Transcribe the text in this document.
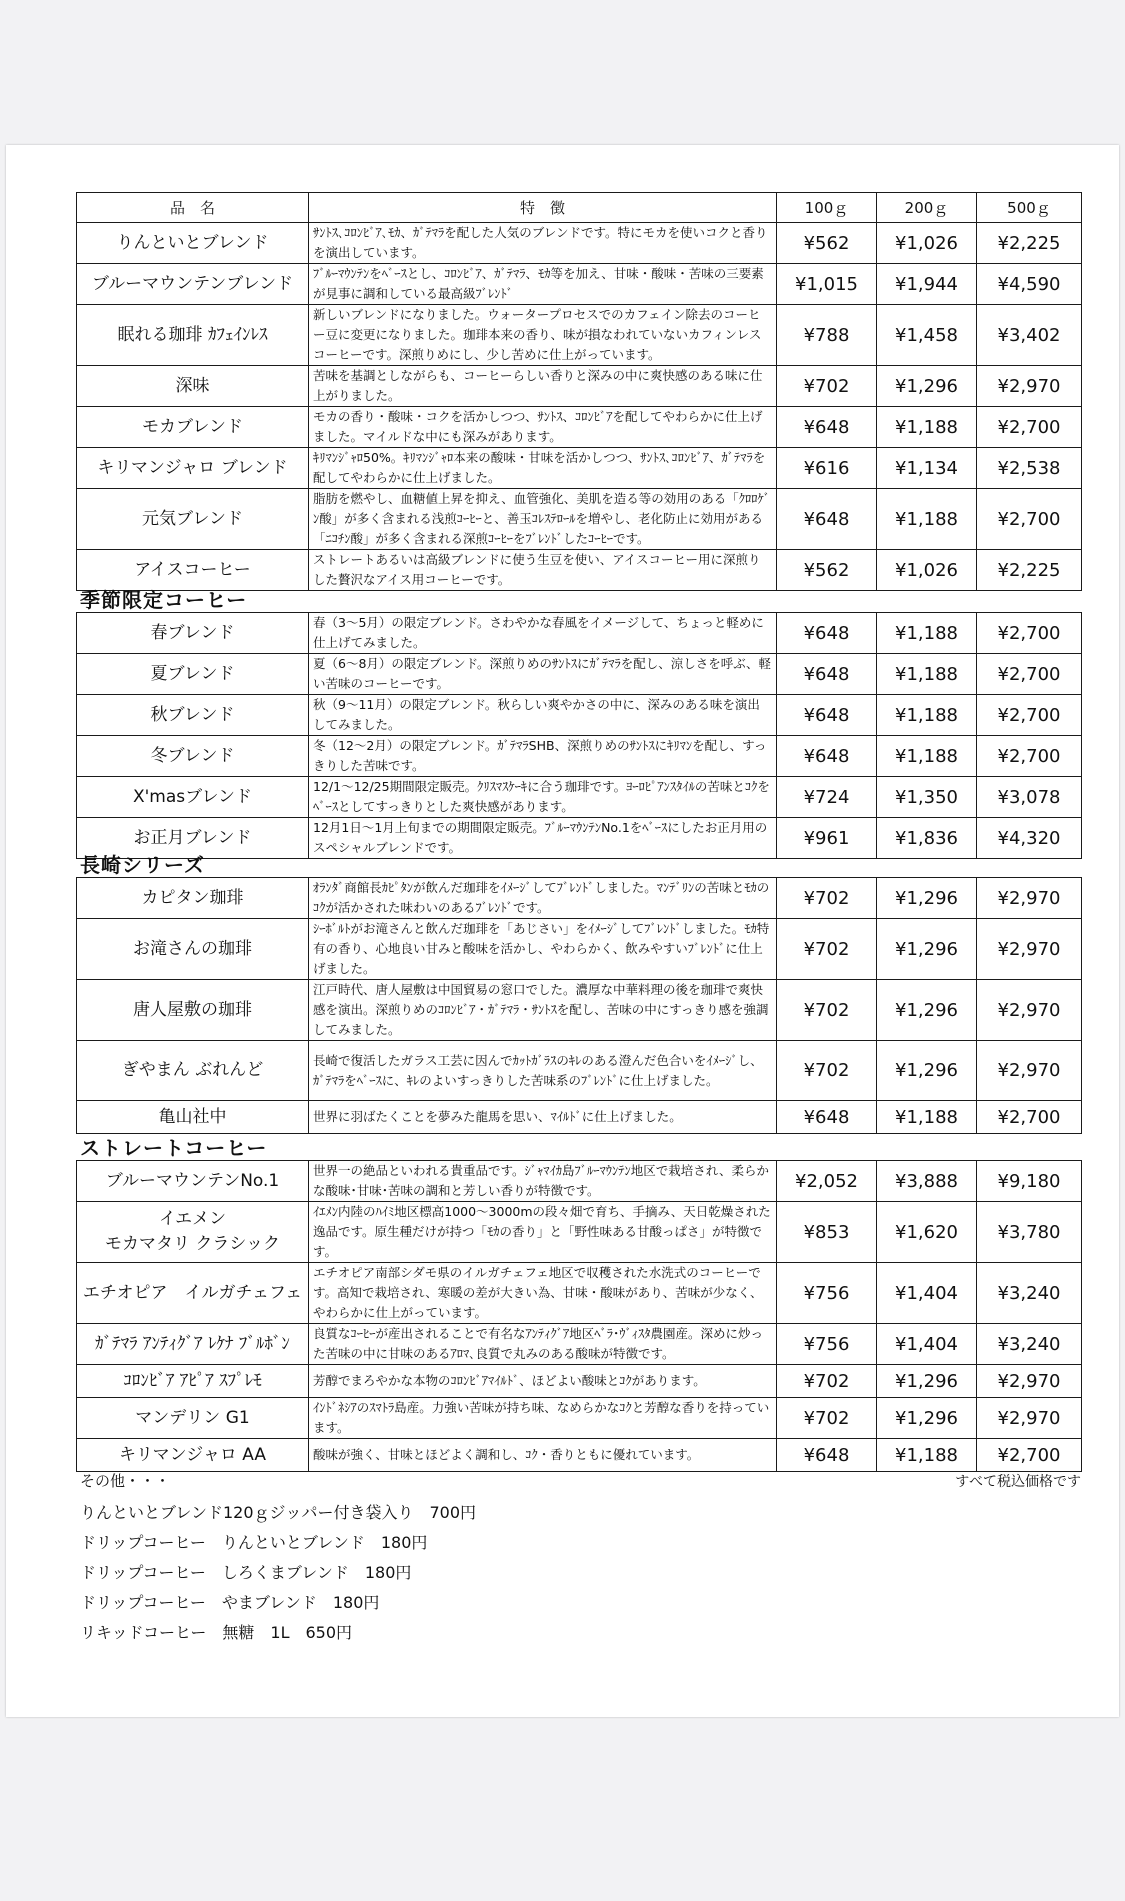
品　名	特　徴	100ｇ	200ｇ	500ｇ
りんといとブレンド	ｻﾝﾄｽ､ｺﾛﾝﾋﾞｱ､ﾓｶ、ｶﾞﾃﾏﾗを配した人気のブレンドです。特にモカを使いコクと香りを演出しています。	¥562	¥1,026	¥2,225
ブルーマウンテンブレンド	ﾌﾞﾙｰﾏｳﾝﾃﾝをﾍﾞｰｽとし、ｺﾛﾝﾋﾞｱ、ｶﾞﾃﾏﾗ、ﾓｶ等を加え、甘味・酸味・苦味の三要素が見事に調和している最高級ﾌﾞﾚﾝﾄﾞ	¥1,015	¥1,944	¥4,590
眠れる珈琲 ｶﾌｪｲﾝﾚｽ	新しいブレンドになりました。ウォータープロセスでのカフェイン除去のコーヒー豆に変更になりました。珈琲本来の香り、味が損なわれていないカフィンレスコーヒーです。深煎りめにし、少し苦めに仕上がっています。	¥788	¥1,458	¥3,402
深味	苦味を基調としながらも、コーヒーらしい香りと深みの中に爽快感のある味に仕上がりました。	¥702	¥1,296	¥2,970
モカブレンド	モカの香り・酸味・コクを活かしつつ、ｻﾝﾄｽ、ｺﾛﾝﾋﾞｱを配してやわらかに仕上げました。マイルドな中にも深みがあります。	¥648	¥1,188	¥2,700
キリマンジャロ ブレンド	ｷﾘﾏﾝｼﾞｬﾛ50%。ｷﾘﾏﾝｼﾞｬﾛ本来の酸味・甘味を活かしつつ、ｻﾝﾄｽ､ｺﾛﾝﾋﾞｱ、ｶﾞﾃﾏﾗを配してやわらかに仕上げました。	¥616	¥1,134	¥2,538
元気ブレンド	脂肪を燃やし、血糖値上昇を抑え、血管強化、美肌を造る等の効用のある「ｸﾛﾛｹﾞﾝ酸」が多く含まれる浅煎ｺｰﾋｰと、善玉ｺﾚｽﾃﾛｰﾙを増やし、老化防止に効用がある「ﾆｺﾁﾝ酸」が多く含まれる深煎ｺｰﾋｰをﾌﾞﾚﾝﾄﾞしたｺｰﾋｰです。	¥648	¥1,188	¥2,700
アイスコーヒー	ストレートあるいは高級ブレンドに使う生豆を使い、アイスコーヒー用に深煎りした贅沢なアイス用コーヒーです。	¥562	¥1,026	¥2,225
季節限定コーヒー
春ブレンド	春（3～5月）の限定ブレンド。さわやかな春風をイメージして、ちょっと軽めに仕上げてみました。	¥648	¥1,188	¥2,700
夏ブレンド	夏（6～8月）の限定ブレンド。深煎りめのｻﾝﾄｽにｶﾞﾃﾏﾗを配し、涼しさを呼ぶ、軽い苦味のコーヒーです。	¥648	¥1,188	¥2,700
秋ブレンド	秋（9～11月）の限定ブレンド。秋らしい爽やかさの中に、深みのある味を演出してみました。	¥648	¥1,188	¥2,700
冬ブレンド	冬（12～2月）の限定ブレンド。ｶﾞﾃﾏﾗSHB、深煎りめのｻﾝﾄｽにｷﾘﾏﾝを配し、すっきりした苦味です。	¥648	¥1,188	¥2,700
X'masブレンド	12/1～12/25期間限定販売。ｸﾘｽﾏｽｹｰｷに合う珈琲です。ﾖｰﾛﾋﾟｱﾝｽﾀｲﾙの苦味とｺｸをﾍﾞｰｽとしてすっきりとした爽快感があります。	¥724	¥1,350	¥3,078
お正月ブレンド	12月1日～1月上旬までの期間限定販売。ﾌﾞﾙｰﾏｳﾝﾃﾝNo.1をﾍﾞｰｽにしたお正月用のスペシャルブレンドです。	¥961	¥1,836	¥4,320
長崎シリーズ
カピタン珈琲	ｵﾗﾝﾀﾞ商館長ｶﾋﾟﾀﾝが飲んだ珈琲をｲﾒｰｼﾞしてﾌﾞﾚﾝﾄﾞしました。ﾏﾝﾃﾞﾘﾝの苦味とﾓｶのｺｸが活かされた味わいのあるﾌﾞﾚﾝﾄﾞです。	¥702	¥1,296	¥2,970
お滝さんの珈琲	ｼｰﾎﾞﾙﾄがお滝さんと飲んだ珈琲を「あじさい」をｲﾒｰｼﾞしてﾌﾞﾚﾝﾄﾞしました。ﾓｶ特有の香り、心地良い甘みと酸味を活かし、やわらかく、飲みやすいﾌﾞﾚﾝﾄﾞに仕上げました。	¥702	¥1,296	¥2,970
唐人屋敷の珈琲	江戸時代、唐人屋敷は中国貿易の窓口でした。濃厚な中華料理の後を珈琲で爽快感を演出。深煎りめのｺﾛﾝﾋﾞｱ・ｶﾞﾃﾏﾗ・ｻﾝﾄｽを配し、苦味の中にすっきり感を強調してみました。	¥702	¥1,296	¥2,970
ぎやまん ぶれんど	長崎で復活したガラス工芸に因んでｶｯﾄｶﾞﾗｽのｷﾚのある澄んだ色合いをｲﾒｰｼﾞし、ｶﾞﾃﾏﾗをﾍﾞｰｽに、ｷﾚのよいすっきりした苦味系のﾌﾞﾚﾝﾄﾞに仕上げました。	¥702	¥1,296	¥2,970
亀山社中	世界に羽ばたくことを夢みた龍馬を思い、ﾏｲﾙﾄﾞに仕上げました。	¥648	¥1,188	¥2,700
ストレートコーヒー
ブルーマウンテンNo.1	世界一の絶品といわれる貴重品です。ｼﾞｬﾏｲｶ島ﾌﾞﾙｰﾏｳﾝﾃﾝ地区で栽培され、柔らかな酸味･甘味･苦味の調和と芳しい香りが特徴です。	¥2,052	¥3,888	¥9,180
イエメン
モカマタリ クラシック	ｲｴﾒﾝ内陸のﾊｲﾐ地区標高1000～3000mの段々畑で育ち、手摘み、天日乾燥された逸品です。原生種だけが持つ「ﾓｶの香り」と「野性味ある甘酸っぱさ」が特徴です。	¥853	¥1,620	¥3,780
エチオピア　イルガチェフェ	エチオピア南部シダモ県のイルガチェフェ地区で収穫された水洗式のコーヒーです。高知で栽培され、寒暖の差が大きい為、甘味・酸味があり、苦味が少なく、やわらかに仕上がっています。	¥756	¥1,404	¥3,240
ｶﾞﾃﾏﾗ ｱﾝﾃｨｸﾞｱ ﾚｹﾅ ﾌﾞﾙﾎﾞﾝ	良質なｺｰﾋｰが産出されることで有名なｱﾝﾃｨｸﾞｱ地区ﾍﾞﾗ･ｳﾞｨｽﾀ農園産。深めに炒った苦味の中に甘味のあるｱﾛﾏ､良質で丸みのある酸味が特徴です。	¥756	¥1,404	¥3,240
ｺﾛﾝﾋﾞｱ ｱﾋﾟｱ ｽﾌﾟﾚﾓ	芳醇でまろやかな本物のｺﾛﾝﾋﾞｱﾏｲﾙﾄﾞ、ほどよい酸味とｺｸがあります。	¥702	¥1,296	¥2,970
マンデリン G1	ｲﾝﾄﾞﾈｼｱのｽﾏﾄﾗ島産。力強い苦味が持ち味、なめらかなｺｸと芳醇な香りを持っています。	¥702	¥1,296	¥2,970
キリマンジャロ AA	酸味が強く、甘味とほどよく調和し、ｺｸ・香りともに優れています。	¥648	¥1,188	¥2,700
その他・・・	すべて税込価格です
りんといとブレンド120ｇジッパー付き袋入り　700円
ドリップコーヒー　りんといとブレンド　180円
ドリップコーヒー　しろくまブレンド　180円
ドリップコーヒー　やまブレンド　180円
リキッドコーヒー　無糖　1L　650円
